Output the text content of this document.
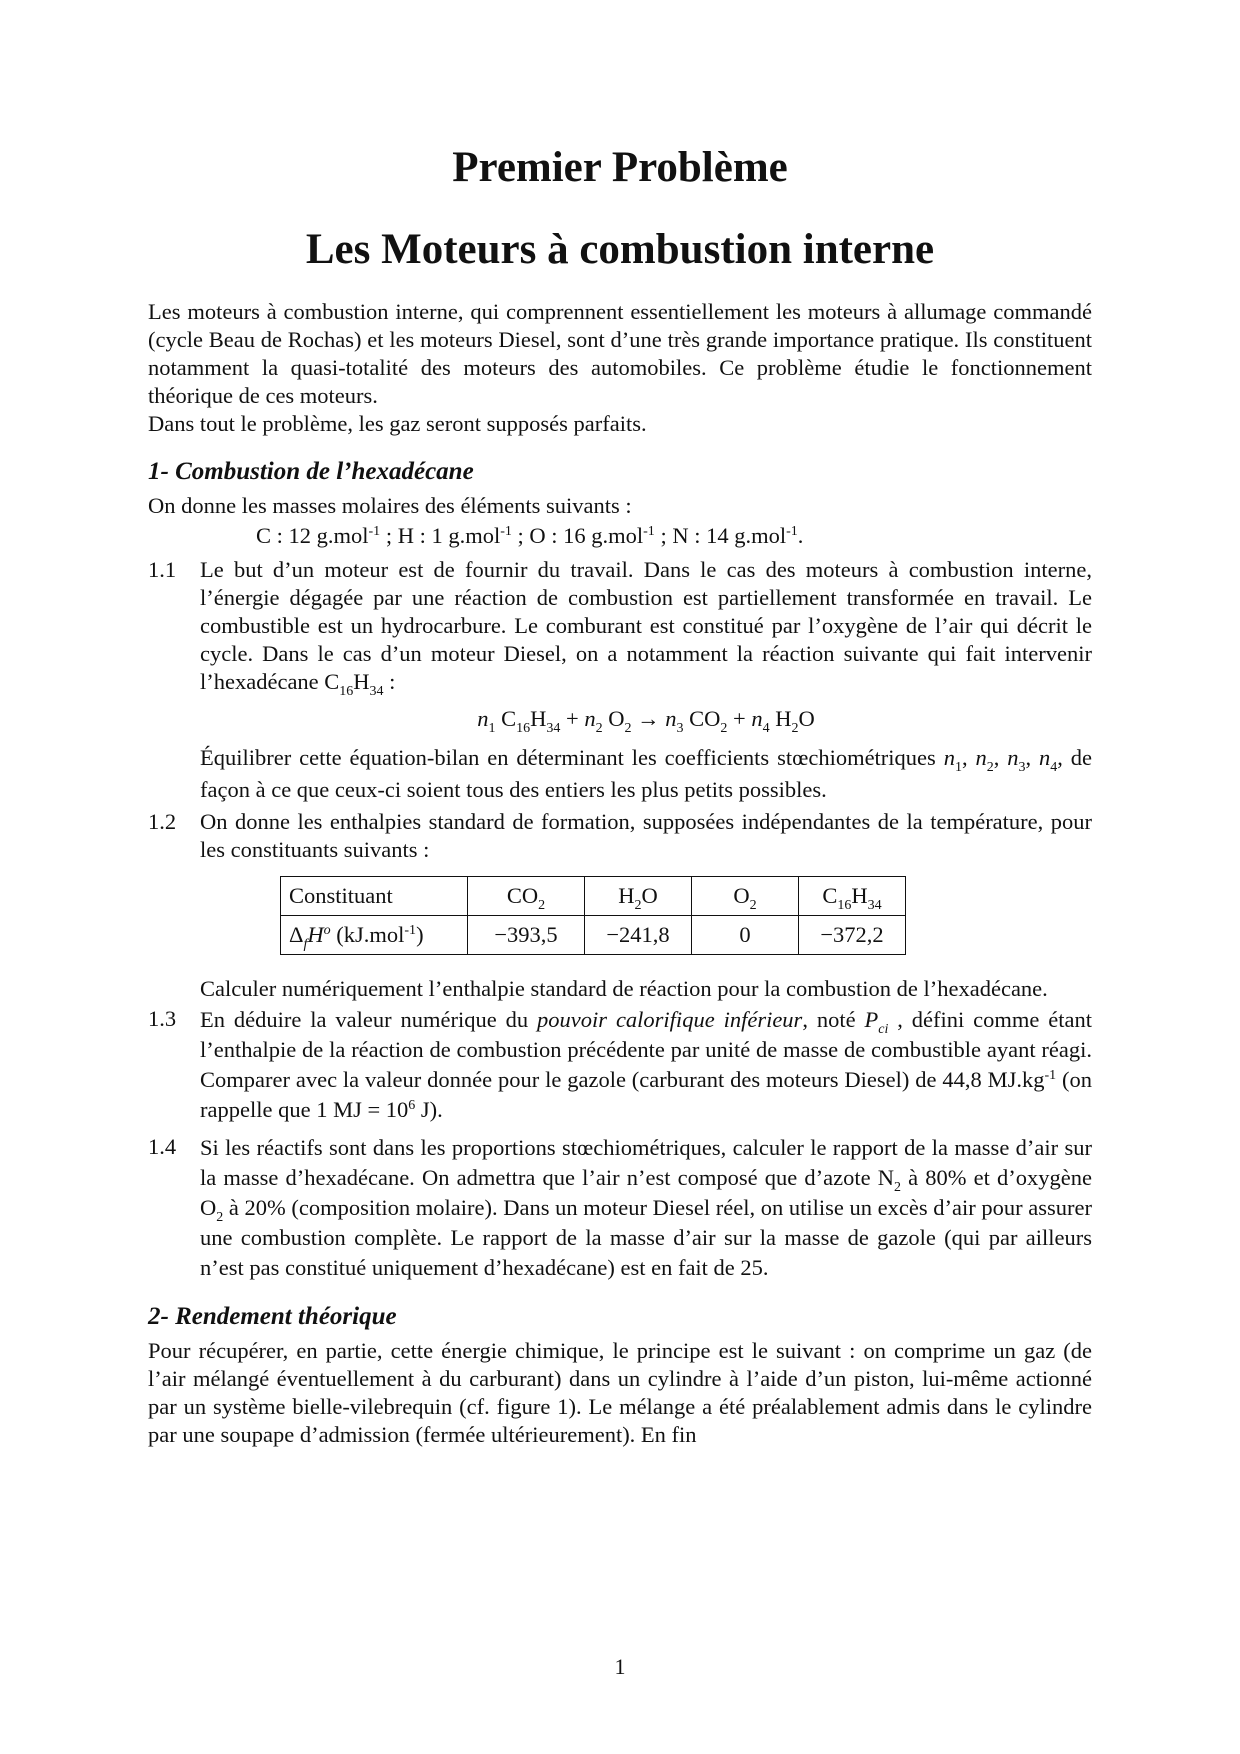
Premier Problème
Les Moteurs à combustion interne

Les moteurs à combustion interne, qui comprennent essentiellement les moteurs à allumage commandé (cycle Beau de Rochas) et les moteurs Diesel, sont d’une très grande importance pratique. Ils constituent notamment la quasi-totalité des moteurs des automobiles. Ce problème étudie le fonctionnement théorique de ces moteurs.

Dans tout le problème, les gaz seront supposés parfaits.

1- Combustion de l’hexadécane

On donne les masses molaires des éléments suivants :

C : 12 g.mol$^{-1}$ ; H : 1 g.mol$^{-1}$ ; O : 16 g.mol$^{-1}$ ; N : 14 g.mol$^{-1}$.

1.1	Le but d’un moteur est de fournir du travail. Dans le cas des moteurs à combustion interne, l’énergie dégagée par une réaction de combustion est partiellement transformée en travail. Le combustible est un hydrocarbure. Le comburant est constitué par l’oxygène de l’air qui décrit le cycle. Dans le cas d’un moteur Diesel, on a notamment la réaction suivante qui fait intervenir l’hexadécane $C_{16}H_{34}$ :

$n_1$ $C_{16}H_{34} + n_2$ $O_2 \to n_3$ $CO_2 + n_4$ $H_2O$

Équilibrer cette équation-bilan en déterminant les coefficients stœchiométriques $n_1$, $n_2$, $n_3$, $n_4$, de façon à ce que ceux-ci soient tous des entiers les plus petits possibles.

1.2	On donne les enthalpies standard de formation, supposées indépendantes de la température, pour les constituants suivants :

Constituant	$CO_2$	$H_2O$	$O_2$	$C_{16}H_{34}$
$\Delta_fH^o$ (kJ.mol$^{-1}$)	−393,5	−241,8	0	−372,2

Calculer numériquement l’enthalpie standard de réaction pour la combustion de l’hexadécane.

1.3	En déduire la valeur numérique du pouvoir calorifique inférieur, noté $P_{ci}$ , défini comme étant l’enthalpie de la réaction de combustion précédente par unité de masse de combustible ayant réagi. Comparer avec la valeur donnée pour le gazole (carburant des moteurs Diesel) de 44,8 $MJ.kg^{-1}$ (on rappelle que 1 MJ = $10^6$ J).

1.4	Si les réactifs sont dans les proportions stœchiométriques, calculer le rapport de la masse d’air sur la masse d’hexadécane. On admettra que l’air n’est composé que d’azote $N_2$ à 80% et d’oxygène $O_2$ à 20% (composition molaire). Dans un moteur Diesel réel, on utilise un excès d’air pour assurer une combustion complète. Le rapport de la masse d’air sur la masse de gazole (qui par ailleurs n’est pas constitué uniquement d’hexadécane) est en fait de 25.

2- Rendement théorique

Pour récupérer, en partie, cette énergie chimique, le principe est le suivant : on comprime un gaz (de l’air mélangé éventuellement à du carburant) dans un cylindre à l’aide d’un piston, lui-même actionné par un système bielle-vilebrequin (cf. figure 1). Le mélange a été préalablement admis dans le cylindre par une soupape d’admission (fermée ultérieurement). En fin

1
